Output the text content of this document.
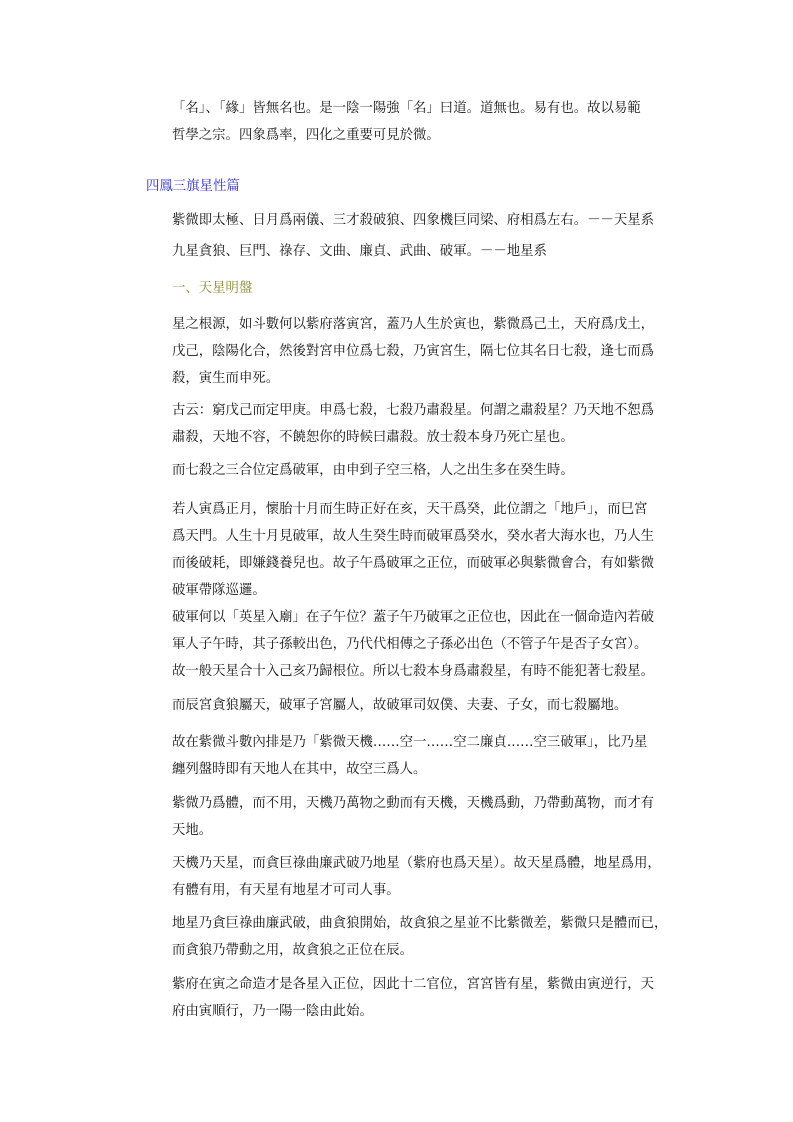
「名」、「緣」皆無名也。是一陰一陽強「名」曰道。道無也。易有也。故以易範
哲學之宗。四象爲率，四化之重要可見於微。
四鳳三旗星性篇
紫微即太極、日月爲兩儀、三才殺破狼、四象機巨同梁、府相爲左右。－－天星系
九星貪狼、巨門、祿存、文曲、廉貞、武曲、破軍。－－地星系
一、天星明盤
星之根源，如斗數何以紫府落寅宮，蓋乃人生於寅也，紫微爲己土，天府爲戊土，
戊己，陰陽化合，然後對宮申位爲七殺，乃寅宮生，隔七位其名日七殺，逢七而爲
殺，寅生而申死。
古云：窮戊己而定甲庚。申爲七殺，七殺乃肅殺星。何謂之肅殺星？乃天地不恕爲
肅殺，天地不容，不饒恕你的時候曰肅殺。放士殺本身乃死亡星也。
而七殺之三合位定爲破軍，由申到子空三格，人之出生多在癸生時。
若人寅爲正月，懷胎十月而生時正好在亥，天干爲癸，此位謂之「地戶」，而巳宮
爲天門。人生十月見破軍，故人生癸生時而破軍爲癸水，癸水者大海水也，乃人生
而後破耗，即嫌錢養兒也。故子午爲破軍之正位，而破軍必與紫微會合，有如紫微
破軍帶隊巡邏。
破軍何以「英星入廟」在子午位？蓋子午乃破軍之正位也，因此在一個命造內若破
軍人子午時，其子孫較出色，乃代代相傳之子孫必出色（不管子午是否子女宮）。
故一般天星合十入己亥乃歸根位。所以七殺本身爲肅殺星，有時不能犯著七殺星。
而辰宮貪狼屬天，破軍子宮屬人，故破軍司奴僕、夫妻、子女，而七殺屬地。
故在紫微斗數內排是乃「紫微天機……空一……空二廉貞……空三破軍」，比乃星
纏列盤時即有天地人在其中，故空三爲人。
紫微乃爲體，而不用，天機乃萬物之動而有天機，天機爲動，乃帶動萬物，而才有
天地。
天機乃天星，而貪巨祿曲廉武破乃地星（紫府也爲天星）。故天星爲體，地星爲用，
有體有用，有天星有地星才可司人事。
地星乃貪巨祿曲廉武破，曲貪狼開始，故貪狼之星並不比紫微差，紫微只是體而已，
而貪狼乃帶動之用，故貪狼之正位在辰。
紫府在寅之命造才是各星入正位，因此十二官位，宮宮皆有星，紫微由寅逆行，天
府由寅順行，乃一陽一陰由此始。
